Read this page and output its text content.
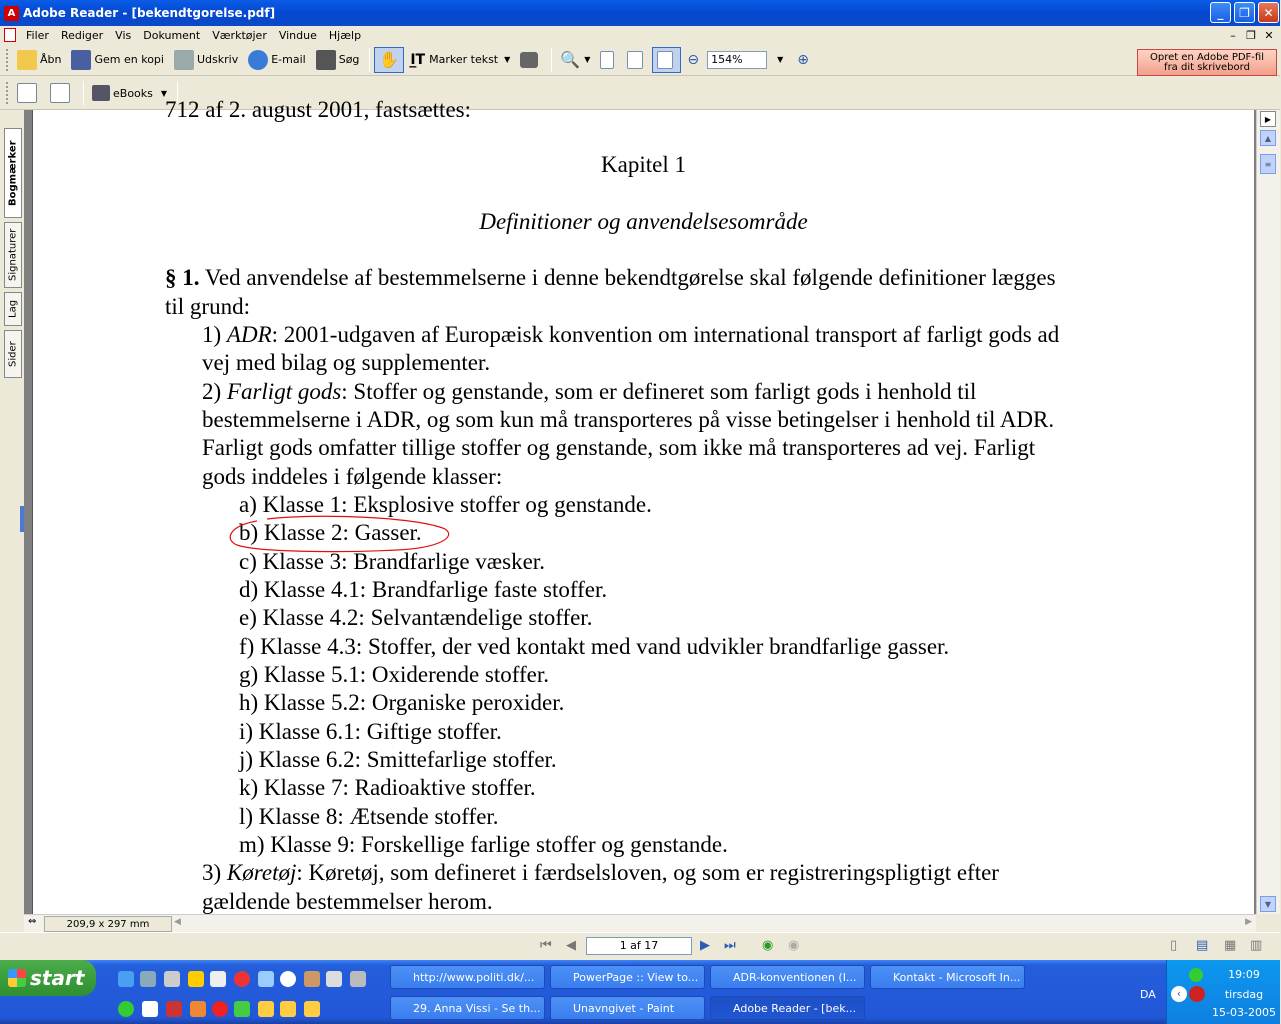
A Adobe Reader - [bekendtgorelse.pdf]	_	❐	✕
Filer	Rediger	Vis	Dokument	Værktøjer	Vindue	Hjælp	– ❐ ✕
Åbn	Gem en kopi	Udskriv	E-mail	Søg ✋ I̲T Marker tekst ▼	🔍 ▼	⊖	154%	▼ ⊕	Opret en Adobe PDF-fil
fra dit skrivebord
eBooks ▼
Bogmærker
Signaturer
Lag
Sider
712 af 2. august 2001, fastsættes:
Kapitel 1
Definitioner og anvendelsesområde
§ 1. Ved anvendelse af bestemmelserne i denne bekendtgørelse skal følgende definitioner lægges
til grund:
1) ADR: 2001-udgaven af Europæisk konvention om international transport af farligt gods ad
vej med bilag og supplementer.
2) Farligt gods: Stoffer og genstande, som er defineret som farligt gods i henhold til
bestemmelserne i ADR, og som kun må transporteres på visse betingelser i henhold til ADR.
Farligt gods omfatter tillige stoffer og genstande, som ikke må transporteres ad vej. Farligt
gods inddeles i følgende klasser:
a) Klasse 1: Eksplosive stoffer og genstande.
b) Klasse 2: Gasser.
c) Klasse 3: Brandfarlige væsker.
d) Klasse 4.1: Brandfarlige faste stoffer.
e) Klasse 4.2: Selvantændelige stoffer.
f) Klasse 4.3: Stoffer, der ved kontakt med vand udvikler brandfarlige gasser.
g) Klasse 5.1: Oxiderende stoffer.
h) Klasse 5.2: Organiske peroxider.
i) Klasse 6.1: Giftige stoffer.
j) Klasse 6.2: Smittefarlige stoffer.
k) Klasse 7: Radioaktive stoffer.
l) Klasse 8: Ætsende stoffer.
m) Klasse 9: Forskellige farlige stoffer og genstande.
3) Køretøj: Køretøj, som defineret i færdselsloven, og som er registreringspligtigt efter
gældende bestemmelser herom.
▶
▲
≡
▼
⇔	209,9 x 297 mm	◀	▶
⏮ ◀	1 af 17	▶ ⏭ ◉ ◉	▯ ▤ ▦ ▥
start	http://www.politi.dk/...	PowerPage :: View to...	ADR-konventionen (I...	Kontakt - Microsoft In...
29. Anna Vissi - Se th...	Unavngivet - Paint	Adobe Reader - [bek...
DA	‹
19:09
tirsdag
15-03-2005
